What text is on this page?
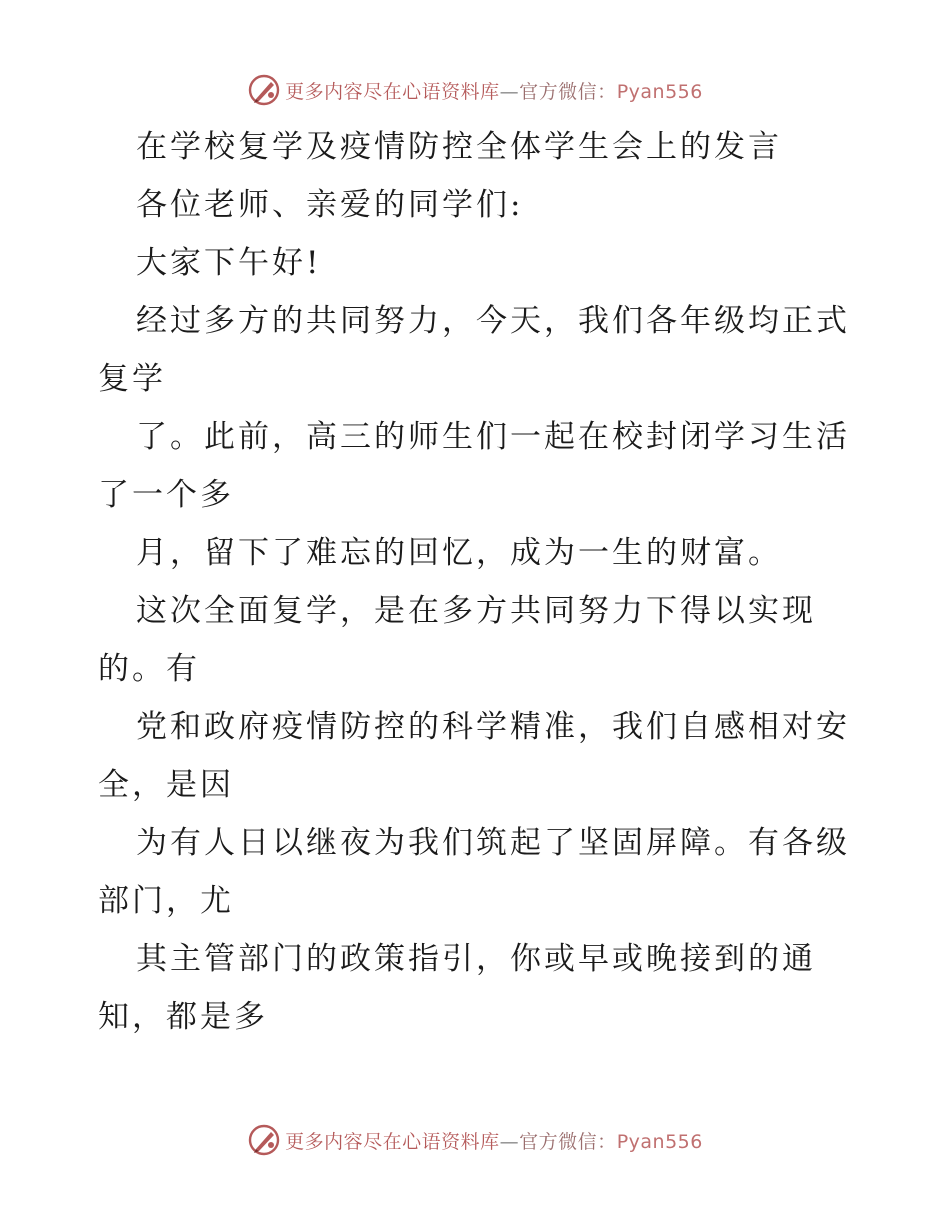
更多内容尽在心语资料库—官方微信：Pyan556
在学校复学及疫情防控全体学生会上的发言
各位老师、亲爱的同学们:
大家下午好!
经过多方的共同努力，今天，我们各年级均正式
复学
了。此前，高三的师生们一起在校封闭学习生活
了一个多
月，留下了难忘的回忆，成为一生的财富。
这次全面复学，是在多方共同努力下得以实现
的。有
党和政府疫情防控的科学精准，我们自感相对安
全，是因
为有人日以继夜为我们筑起了坚固屏障。有各级
部门，尤
其主管部门的政策指引，你或早或晚接到的通
知，都是多
更多内容尽在心语资料库—官方微信：Pyan556
